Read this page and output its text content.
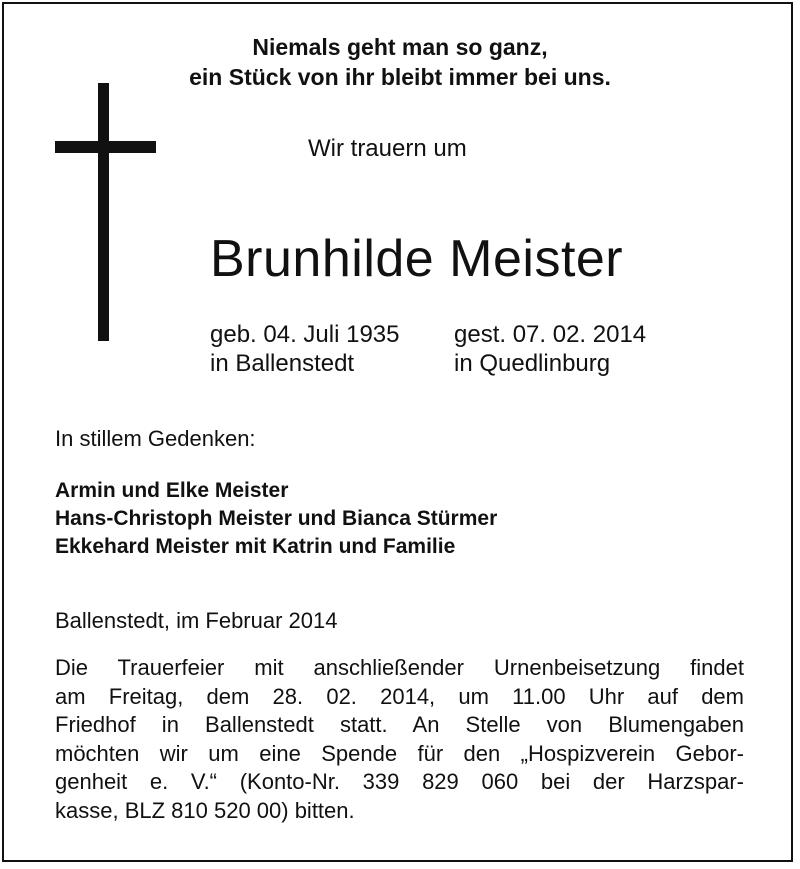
Niemals geht man so ganz,
ein Stück von ihr bleibt immer bei uns.
Wir trauern um
Brunhilde Meister
geb. 04. Juli 1935
in Ballenstedt
gest. 07. 02. 2014
in Quedlinburg
In stillem Gedenken:
Armin und Elke Meister
Hans-Christoph Meister und Bianca Stürmer
Ekkehard Meister mit Katrin und Familie
Ballenstedt, im Februar 2014
Die Trauerfeier mit anschließender Urnenbeisetzung findet
am Freitag, dem 28. 02. 2014, um 11.00 Uhr auf dem
Friedhof in Ballenstedt statt. An Stelle von Blumengaben
möchten wir um eine Spende für den „Hospizverein Gebor-
genheit e. V.“ (Konto-Nr. 339 829 060 bei der Harzspar-
kasse, BLZ 810 520 00) bitten.
